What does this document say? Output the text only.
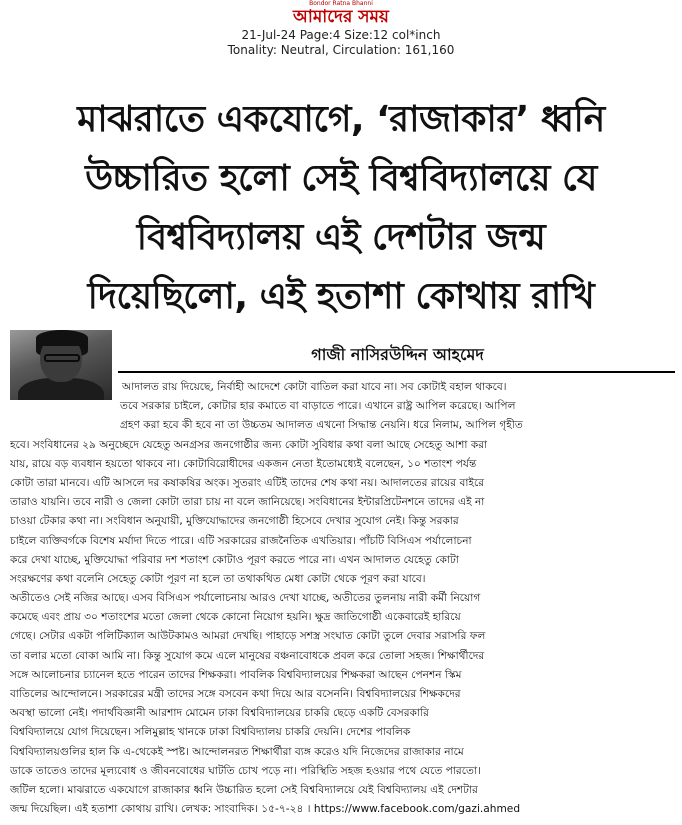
Bondor Ratna Bhanni
আমাদের সময়
21-Jul-24 Page:4 Size:12 col*inch
Tonality: Neutral, Circulation: 161,160
মাঝরাতে একযোগে, ‘রাজাকার’ ধ্বনি
উচ্চারিত হলো সেই বিশ্ববিদ্যালয়ে যে
বিশ্ববিদ্যালয় এই দেশটার জন্ম
দিয়েছিলো, এই হতাশা কোথায় রাখি
গাজী নাসিরউদ্দিন আহমেদ
আদালত রায় দিয়েছে, নির্বাহী আদেশে কোটা বাতিল করা যাবে না। সব কোটাই বহাল থাকবে।
তবে সরকার চাইলে, কোটার হার কমাতে বা বাড়াতে পারে। এখানে রাষ্ট্র আপিল করেছে। আপিল
গ্রহণ করা হবে কী হবে না তা উচ্চতম আদালত এখনো সিদ্ধান্ত নেয়নি। ধরে নিলাম, আপিল গৃহীত
হবে। সংবিধানের ২৯ অনুচ্ছেদে যেহেতু অনগ্রসর জনগোষ্ঠীর জন্য কোটা সুবিধার কথা বলা আছে সেহেতু আশা করা
যায়, রায়ে বড় ব্যবধান হয়তো থাকবে না। কোটাবিরোধীদের একজন নেতা ইতোমধ্যেই বলেছেন, ১০ শতাংশ পর্যন্ত
কোটা তারা মানবে। এটি আসলে দর কষাকষির অংক। সুতরাং এটিই তাদের শেষ কথা নয়। আদালতের রায়ের বাইরে
তারাও যায়নি। তবে নারী ও জেলা কোটা তারা চায় না বলে জানিয়েছে। সংবিধানের ইন্টারপ্রিটেনশনে তাদের এই না
চাওয়া টেকার কথা না। সংবিধান অনুযায়ী, মুক্তিযোদ্ধাদের জনগোষ্ঠী হিসেবে দেখার সুযোগ নেই। কিন্তু সরকার
চাইলে ব্যক্তিবর্গকে বিশেষ মর্যাদা দিতে পারে। এটি সরকারের রাজনৈতিক এখতিয়ার। পাঁচটি বিসিএস পর্যালোচনা
করে দেখা যাচ্ছে, মুক্তিযোদ্ধা পরিবার দশ শতাংশ কোটাও পূরণ করতে পারে না। এখন আদালত যেহেতু কোটা
সংরক্ষণের কথা বলেনি সেহেতু কোটা পূরণ না হলে তা তথাকথিত মেধা কোটা থেকে পূরণ করা যাবে।
অতীতেও সেই নজির আছে। এসব বিসিএস পর্যালোচনায় আরও দেখা যাচ্ছে, অতীতের তুলনায় নারী কর্মী নিয়োগ
কমেছে এবং প্রায় ৩০ শতাংশের মতো জেলা থেকে কোনো নিয়োগ হয়নি। ক্ষুদ্র জাতিগোষ্ঠী একেবারেই হারিয়ে
গেছে। সেটার একটা পলিটিক্যাল আউটকামও আমরা দেখছি। পাহাড়ে সশস্ত্র সংঘাত কোটা তুলে দেবার সরাসরি ফল
তা বলার মতো বোকা আমি না। কিন্তু সুযোগ কমে এলে মানুষের বঞ্চনাবোধকে প্রবল করে তোলা সহজ। শিক্ষার্থীদের
সঙ্গে আলোচনার চ্যানেল হতে পারেন তাদের শিক্ষকরা। পাবলিক বিশ্ববিদ্যালয়ের শিক্ষকরা আছেন পেনশন স্কিম
বাতিলের আন্দোলনে। সরকারের মন্ত্রী তাদের সঙ্গে বসবেন কথা দিয়ে আর বসেননি। বিশ্ববিদ্যালয়ের শিক্ষকদের
অবস্থা ভালো নেই। পদার্থবিজ্ঞানী আরশাদ মোমেন ঢাকা বিশ্ববিদ্যালয়ের চাকরি ছেড়ে একটি বেসরকারি
বিশ্ববিদ্যালয়ে যোগ দিয়েছেন। সলিমুল্লাহ খানকে ঢাকা বিশ্ববিদ্যালয় চাকরি দেয়নি। দেশের পাবলিক
বিশ্ববিদ্যালয়গুলির হাল কি এ-থেকেই স্পষ্ট। আন্দোলনরত শিক্ষার্থীরা ব্যঙ্গ করেও যদি নিজেদের রাজাকার নামে
ডাকে তাতেও তাদের মূল্যবোধ ও জীবনবোধের ঘাটতি চোখ পড়ে না। পরিস্থিতি সহজ হওয়ার পথে যেতে পারতো।
জটিল হলো। মাঝরাতে একযোগে রাজাকার ধ্বনি উচ্চারিত হলো সেই বিশ্ববিদ্যালয়ে যেই বিশ্ববিদ্যালয় এই দেশটার
জন্ম দিয়েছিল। এই হতাশা কোথায় রাখি। লেখক: সাংবাদিক। ১৫-৭-২৪ । https://www.facebook.com/gazi.ahmed
